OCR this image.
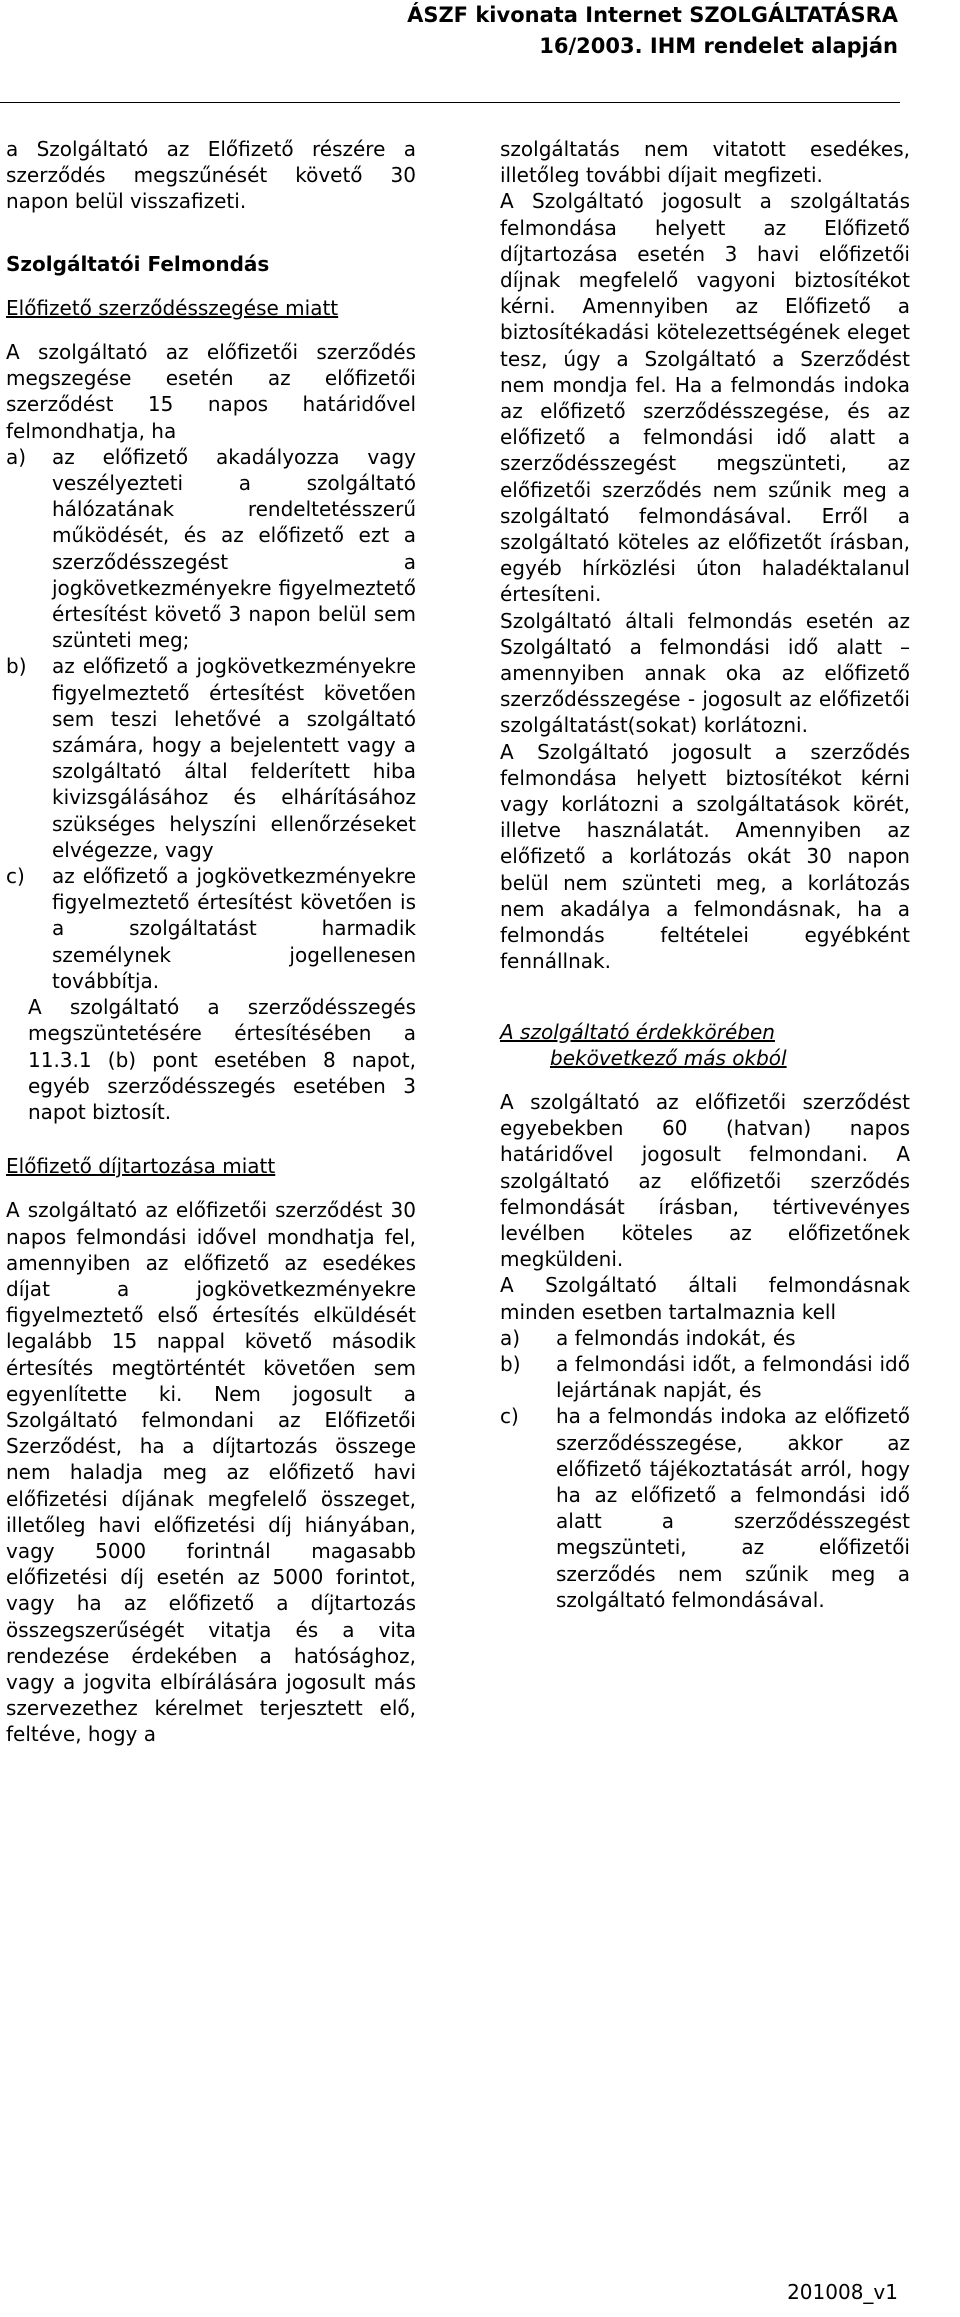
ÁSZF kivonata Internet SZOLGÁLTATÁSRA
16/2003. IHM rendelet alapján

a Szolgáltató az Előfizető részére a szerződés megszűnését követő 30 napon belül visszafizeti.

Szolgáltatói Felmondás

Előfizető szerződésszegése miatt

A szolgáltató az előfizetői szerződés megszegése esetén az előfizetői szerződést 15 napos határidővel felmondhatja, ha

a)	az előfizető akadályozza vagy veszélyezteti a szolgáltató hálózatának rendeltetésszerű működését, és az előfizető ezt a szerződésszegést a jogkövetkezményekre figyelmeztető értesítést követő 3 napon belül sem szünteti meg;
b)	az előfizető a jogkövetkezményekre figyelmeztető értesítést követően sem teszi lehetővé a szolgáltató számára, hogy a bejelentett vagy a szolgáltató által felderített hiba kivizsgálásához és elhárításához szükséges helyszíni ellenőrzéseket elvégezze, vagy
c)	az előfizető a jogkövetkezményekre figyelmeztető értesítést követően is a szolgáltatást harmadik személynek jogellenesen továbbítja.

A szolgáltató a szerződésszegés megszüntetésére értesítésében a 11.3.1 (b) pont esetében 8 napot, egyéb szerződésszegés esetében 3 napot biztosít.

Előfizető díjtartozása miatt

A szolgáltató az előfizetői szerződést 30 napos felmondási idővel mondhatja fel, amennyiben az előfizető az esedékes díjat a jogkövetkezményekre figyelmeztető első értesítés elküldését legalább 15 nappal követő második értesítés megtörténtét követően sem egyenlítette ki. Nem jogosult a Szolgáltató felmondani az Előfizetői Szerződést, ha a díjtartozás összege nem haladja meg az előfizető havi előfizetési díjának megfelelő összeget, illetőleg havi előfizetési díj hiányában, vagy 5000 forintnál magasabb előfizetési díj esetén az 5000 forintot, vagy ha az előfizető a díjtartozás összegszerűségét vitatja és a vita rendezése érdekében a hatósághoz, vagy a jogvita elbírálására jogosult más szervezethez kérelmet terjesztett elő, feltéve, hogy a

szolgáltatás nem vitatott esedékes, illetőleg további díjait megfizeti.

A Szolgáltató jogosult a szolgáltatás felmondása helyett az Előfizető díjtartozása esetén 3 havi előfizetői díjnak megfelelő vagyoni biztosítékot kérni. Amennyiben az Előfizető a biztosítékadási kötelezettségének eleget tesz, úgy a Szolgáltató a Szerződést nem mondja fel. Ha a felmondás indoka az előfizető szerződésszegése, és az előfizető a felmondási idő alatt a szerződésszegést megszünteti, az előfizetői szerződés nem szűnik meg a szolgáltató felmondásával. Erről a szolgáltató köteles az előfizetőt írásban, egyéb hírközlési úton haladéktalanul értesíteni.

Szolgáltató általi felmondás esetén az Szolgáltató a felmondási idő alatt – amennyiben annak oka az előfizető szerződésszegése - jogosult az előfizetői szolgáltatást(sokat) korlátozni.

A Szolgáltató jogosult a szerződés felmondása helyett biztosítékot kérni vagy korlátozni a szolgáltatások körét, illetve használatát. Amennyiben az előfizető a korlátozás okát 30 napon belül nem szünteti meg, a korlátozás nem akadálya a felmondásnak, ha a felmondás feltételei egyébként fennállnak.

A szolgáltató érdekkörében

bekövetkező más okból

A szolgáltató az előfizetői szerződést egyebekben 60 (hatvan) napos határidővel jogosult felmondani. A szolgáltató az előfizetői szerződés felmondását írásban, tértivevényes levélben köteles az előfizetőnek megküldeni.

A Szolgáltató általi felmondásnak minden esetben tartalmaznia kell

a)	a felmondás indokát, és
b)	a felmondási időt, a felmondási idő lejártának napját, és
c)	ha a felmondás indoka az előfizető szerződésszegése, akkor az előfizető tájékoztatását arról, hogy ha az előfizető a felmondási idő alatt a szerződésszegést megszünteti, az előfizetői szerződés nem szűnik meg a szolgáltató felmondásával.
201008_v1
